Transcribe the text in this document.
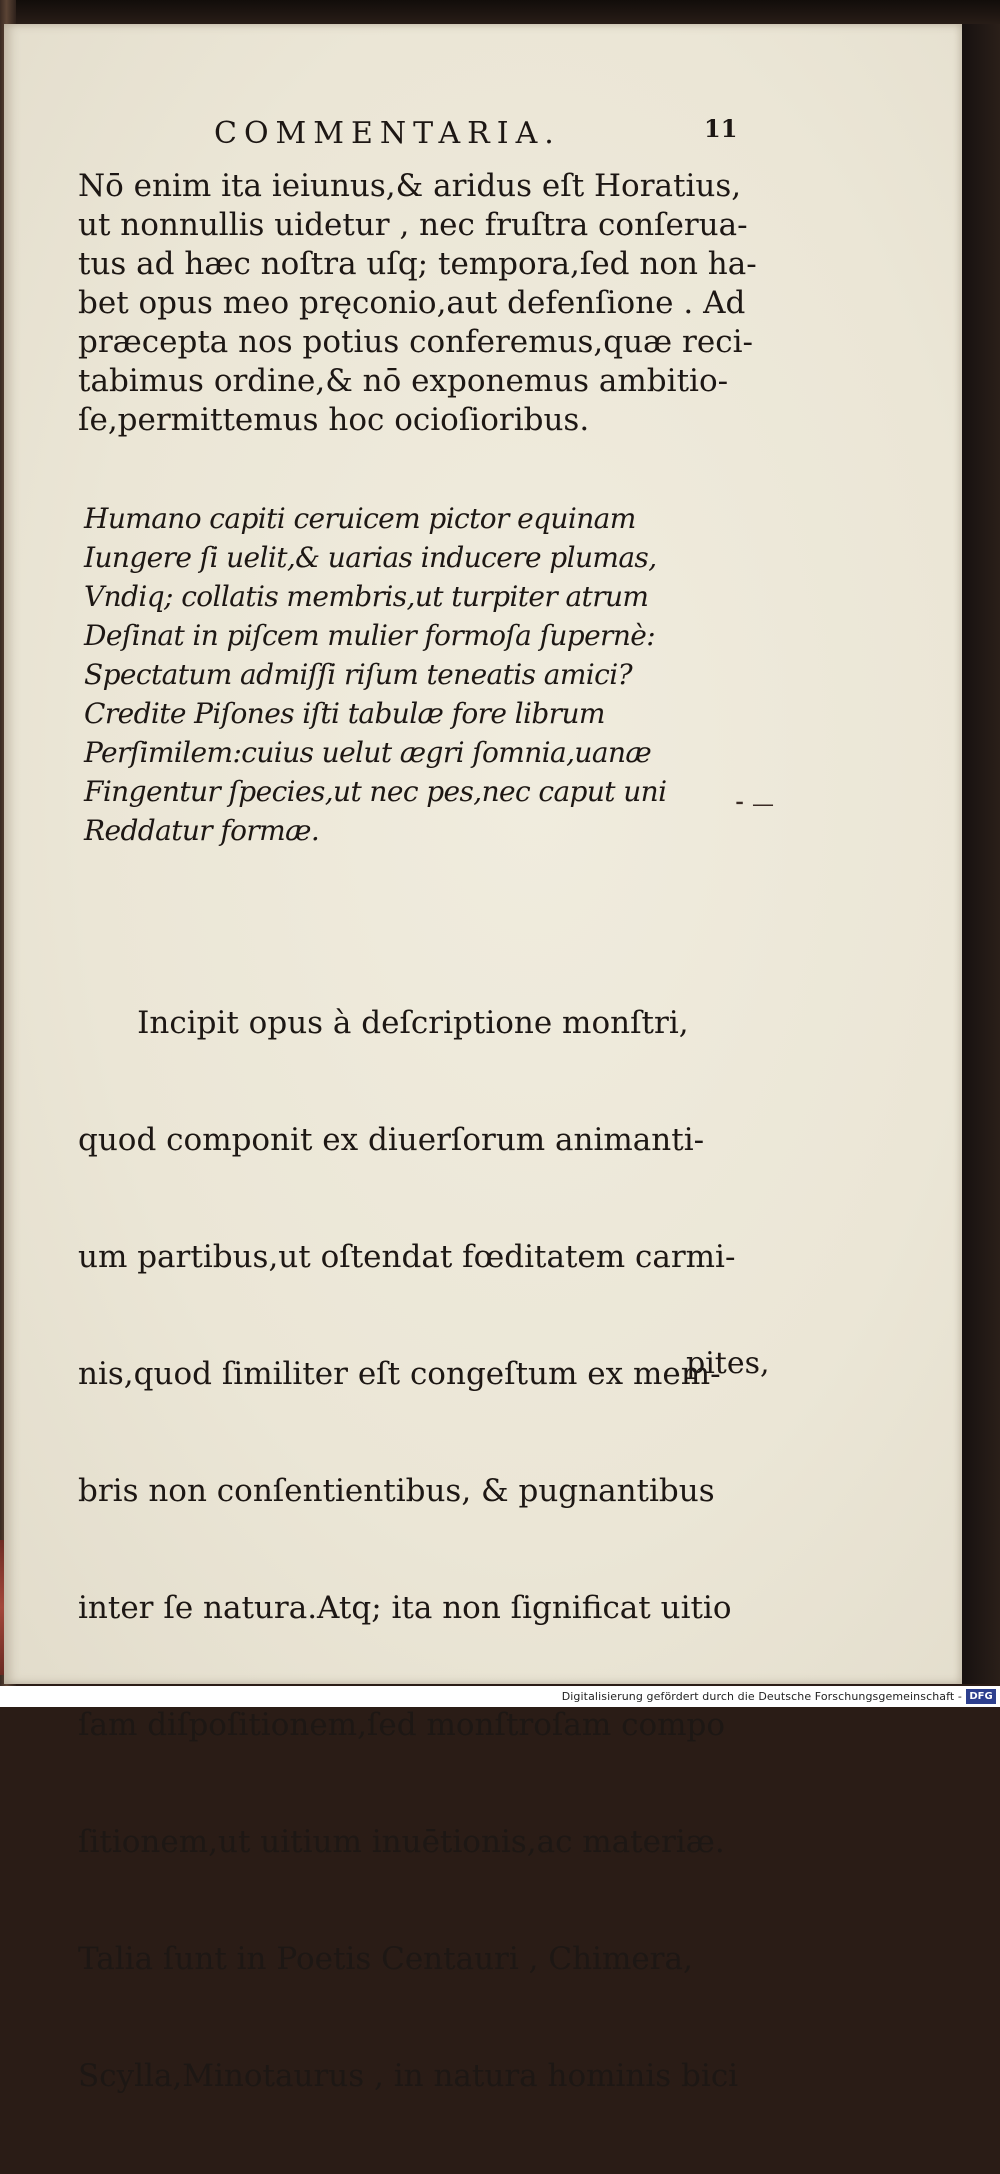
COMMENTARIA.	11
Nō enim ita ieiunus,& aridus eſt Horatius,
ut nonnullis uidetur , nec fruſtra conſerua-
tus ad hæc noſtra uſq; tempora,ſed non ha-
bet opus meo pręconio,aut defenſione . Ad
præcepta nos potius conferemus,quæ reci-
tabimus ordine,& nō exponemus ambitio-
ſe,permittemus hoc ocioſioribus.
Humano capiti ceruicem pictor equinam
Iungere ſi uelit,& uarias inducere plumas,
Vndiq; collatis membris,ut turpiter atrum
Deſinat in piſcem mulier formoſa ſupernè:
Spectatum admiſſi riſum teneatis amici?
Credite Piſones iſti tabulæ fore librum
Perſimilem:cuius uelut ægri ſomnia,uanæ
Fingentur ſpecies,ut nec pes,nec caput uni
Reddatur formæ.
⁃ —

Incipit opus à deſcriptione monſtri,

quod componit ex diuerſorum animanti-

um partibus,ut oſtendat fœditatem carmi-

nis,quod ſimiliter eſt congeſtum ex mem-

bris non conſentientibus, & pugnantibus

inter ſe natura.Atq; ita non ſignificat uitio

ſam diſpoſitionem,ſed monſtroſam compo

ſitionem,ut uitium inuētionis,ac materiæ.

Talia ſunt in Poetis Centauri , Chimera,

Scylla,Minotaurus , in natura hominis bici

pites,
Digitalisierung gefördert durch die Deutsche Forschungsgemeinschaft - DFG
